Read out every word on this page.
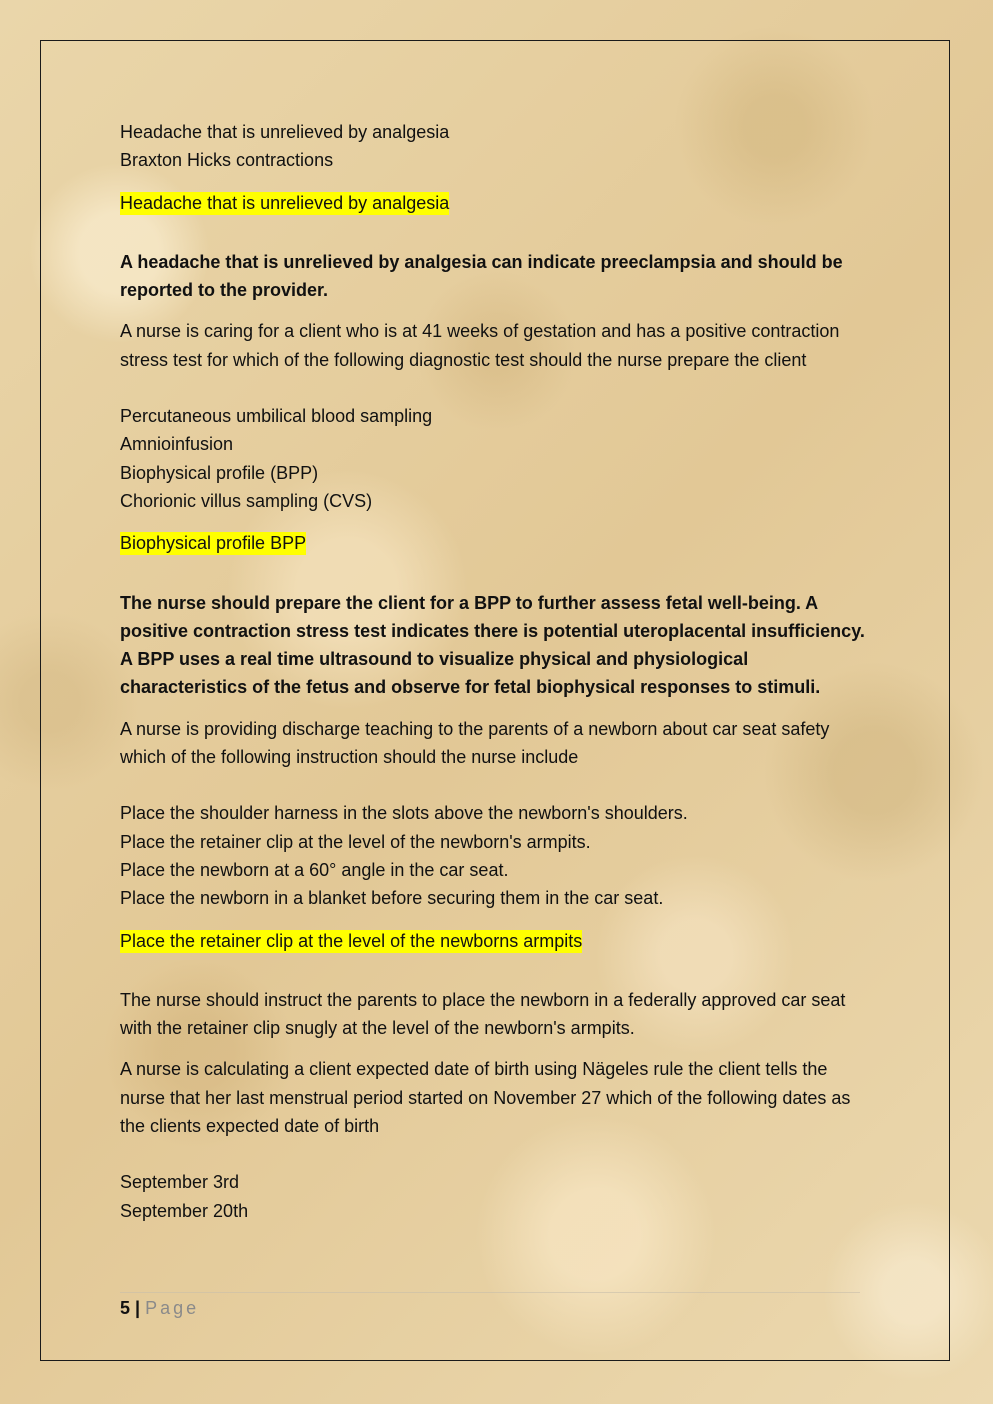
Headache that is unrelieved by analgesia
Braxton Hicks contractions
Headache that is unrelieved by analgesia

A headache that is unrelieved by analgesia can indicate preeclampsia and should be reported to the provider.

A nurse is caring for a client who is at 41 weeks of gestation and has a positive contraction stress test for which of the following diagnostic test should the nurse prepare the client

Percutaneous umbilical blood sampling
Amnioinfusion
Biophysical profile (BPP)
Chorionic villus sampling (CVS)
Biophysical profile BPP

The nurse should prepare the client for a BPP to further assess fetal well-being. A positive contraction stress test indicates there is potential uteroplacental insufficiency. A BPP uses a real time ultrasound to visualize physical and physiological characteristics of the fetus and observe for fetal biophysical responses to stimuli.

A nurse is providing discharge teaching to the parents of a newborn about car seat safety which of the following instruction should the nurse include

Place the shoulder harness in the slots above the newborn's shoulders.
Place the retainer clip at the level of the newborn's armpits.
Place the newborn at a 60° angle in the car seat.
Place the newborn in a blanket before securing them in the car seat.
Place the retainer clip at the level of the newborns armpits

The nurse should instruct the parents to place the newborn in a federally approved car seat with the retainer clip snugly at the level of the newborn's armpits.

A nurse is calculating a client expected date of birth using Nägeles rule the client tells the nurse that her last menstrual period started on November 27 which of the following dates as the clients expected date of birth

September 3rd
September 20th
5 | Page
